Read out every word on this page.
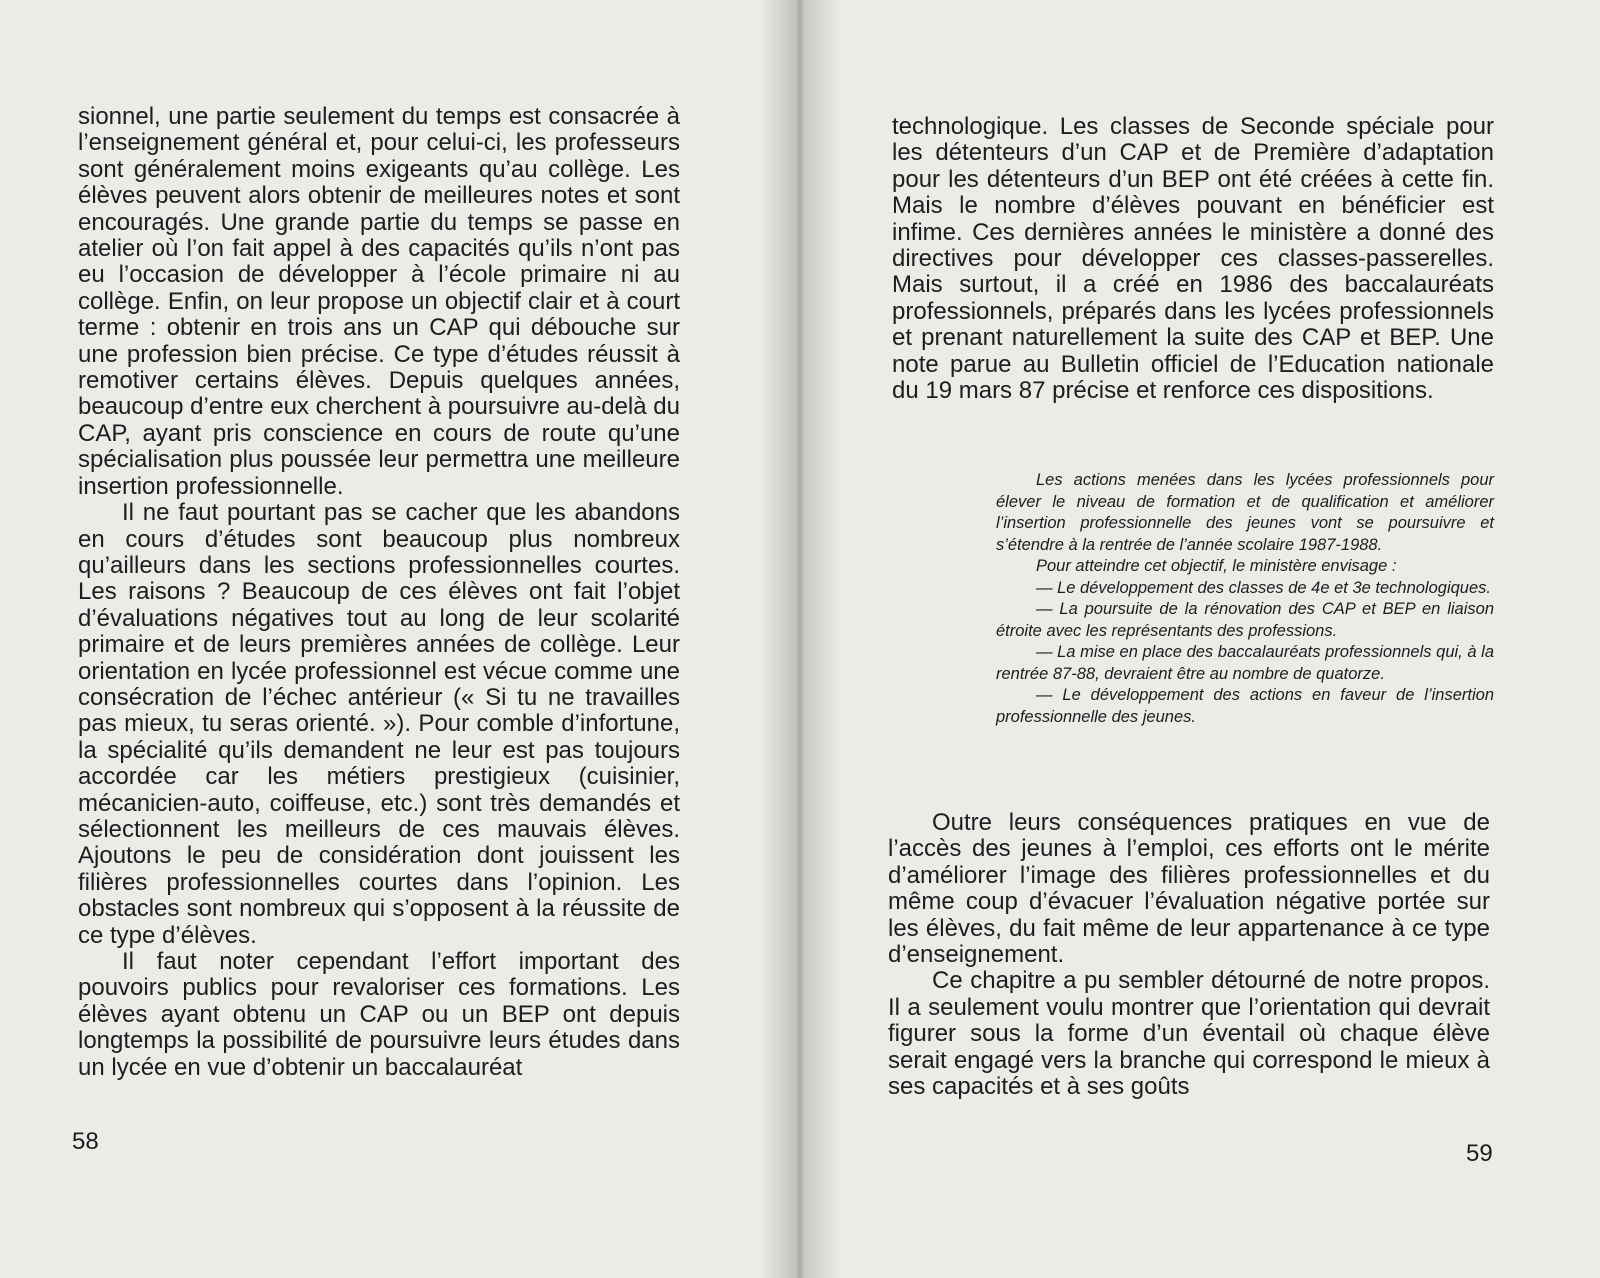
sionnel, une partie seulement du temps est consacrée à l’enseignement général et, pour celui-ci, les professeurs sont généralement moins exigeants qu’au collège. Les élèves peuvent alors obtenir de meilleures notes et sont encouragés. Une grande partie du temps se passe en atelier où l’on fait appel à des capacités qu’ils n’ont pas eu l’occasion de développer à l’école primaire ni au collège. Enfin, on leur propose un objectif clair et à court terme : obtenir en trois ans un CAP qui débouche sur une profession bien précise. Ce type d’études réussit à remotiver certains élèves. Depuis quelques années, beaucoup d’entre eux cherchent à poursuivre au-delà du CAP, ayant pris conscience en cours de route qu’une spécialisation plus poussée leur permettra une meilleure insertion professionnelle.

Il ne faut pourtant pas se cacher que les abandons en cours d’études sont beaucoup plus nombreux qu’ailleurs dans les sections professionnelles courtes. Les raisons ? Beaucoup de ces élèves ont fait l’objet d’évaluations négatives tout au long de leur scolarité primaire et de leurs premières années de collège. Leur orientation en lycée professionnel est vécue comme une consécration de l’échec antérieur (« Si tu ne travailles pas mieux, tu seras orienté. »). Pour comble d’infortune, la spécialité qu’ils demandent ne leur est pas toujours accordée car les métiers prestigieux (cuisinier, mécanicien-auto, coiffeuse, etc.) sont très demandés et sélectionnent les meilleurs de ces mauvais élèves. Ajoutons le peu de considération dont jouissent les filières professionnelles courtes dans l’opinion. Les obstacles sont nombreux qui s’opposent à la réussite de ce type d’élèves.

Il faut noter cependant l’effort important des pouvoirs publics pour revaloriser ces formations. Les élèves ayant obtenu un CAP ou un BEP ont depuis longtemps la possibilité de poursuivre leurs études dans un lycée en vue d’obtenir un baccalauréat

58

technologique. Les classes de Seconde spéciale pour les détenteurs d’un CAP et de Première d’adaptation pour les détenteurs d’un BEP ont été créées à cette fin. Mais le nombre d’élèves pouvant en bénéficier est infime. Ces dernières années le ministère a donné des directives pour développer ces classes-passerelles. Mais surtout, il a créé en 1986 des baccalauréats professionnels, préparés dans les lycées professionnels et prenant naturellement la suite des CAP et BEP. Une note parue au Bulletin officiel de l’Education nationale du 19 mars 87 précise et renforce ces dispositions.

Les actions menées dans les lycées professionnels pour élever le niveau de formation et de qualification et améliorer l’insertion professionnelle des jeunes vont se poursuivre et s’étendre à la rentrée de l’année scolaire 1987-1988.

Pour atteindre cet objectif, le ministère envisage :

— Le développement des classes de 4e et 3e technologiques.

— La poursuite de la rénovation des CAP et BEP en liaison étroite avec les représentants des professions.

— La mise en place des baccalauréats professionnels qui, à la rentrée 87-88, devraient être au nombre de quatorze.

— Le développement des actions en faveur de l’insertion professionnelle des jeunes.

Outre leurs conséquences pratiques en vue de l’accès des jeunes à l’emploi, ces efforts ont le mérite d’améliorer l’image des filières professionnelles et du même coup d’évacuer l’évaluation négative portée sur les élèves, du fait même de leur appartenance à ce type d’enseignement.

Ce chapitre a pu sembler détourné de notre propos. Il a seulement voulu montrer que l’orientation qui devrait figurer sous la forme d’un éventail où chaque élève serait engagé vers la branche qui correspond le mieux à ses capacités et à ses goûts

59
